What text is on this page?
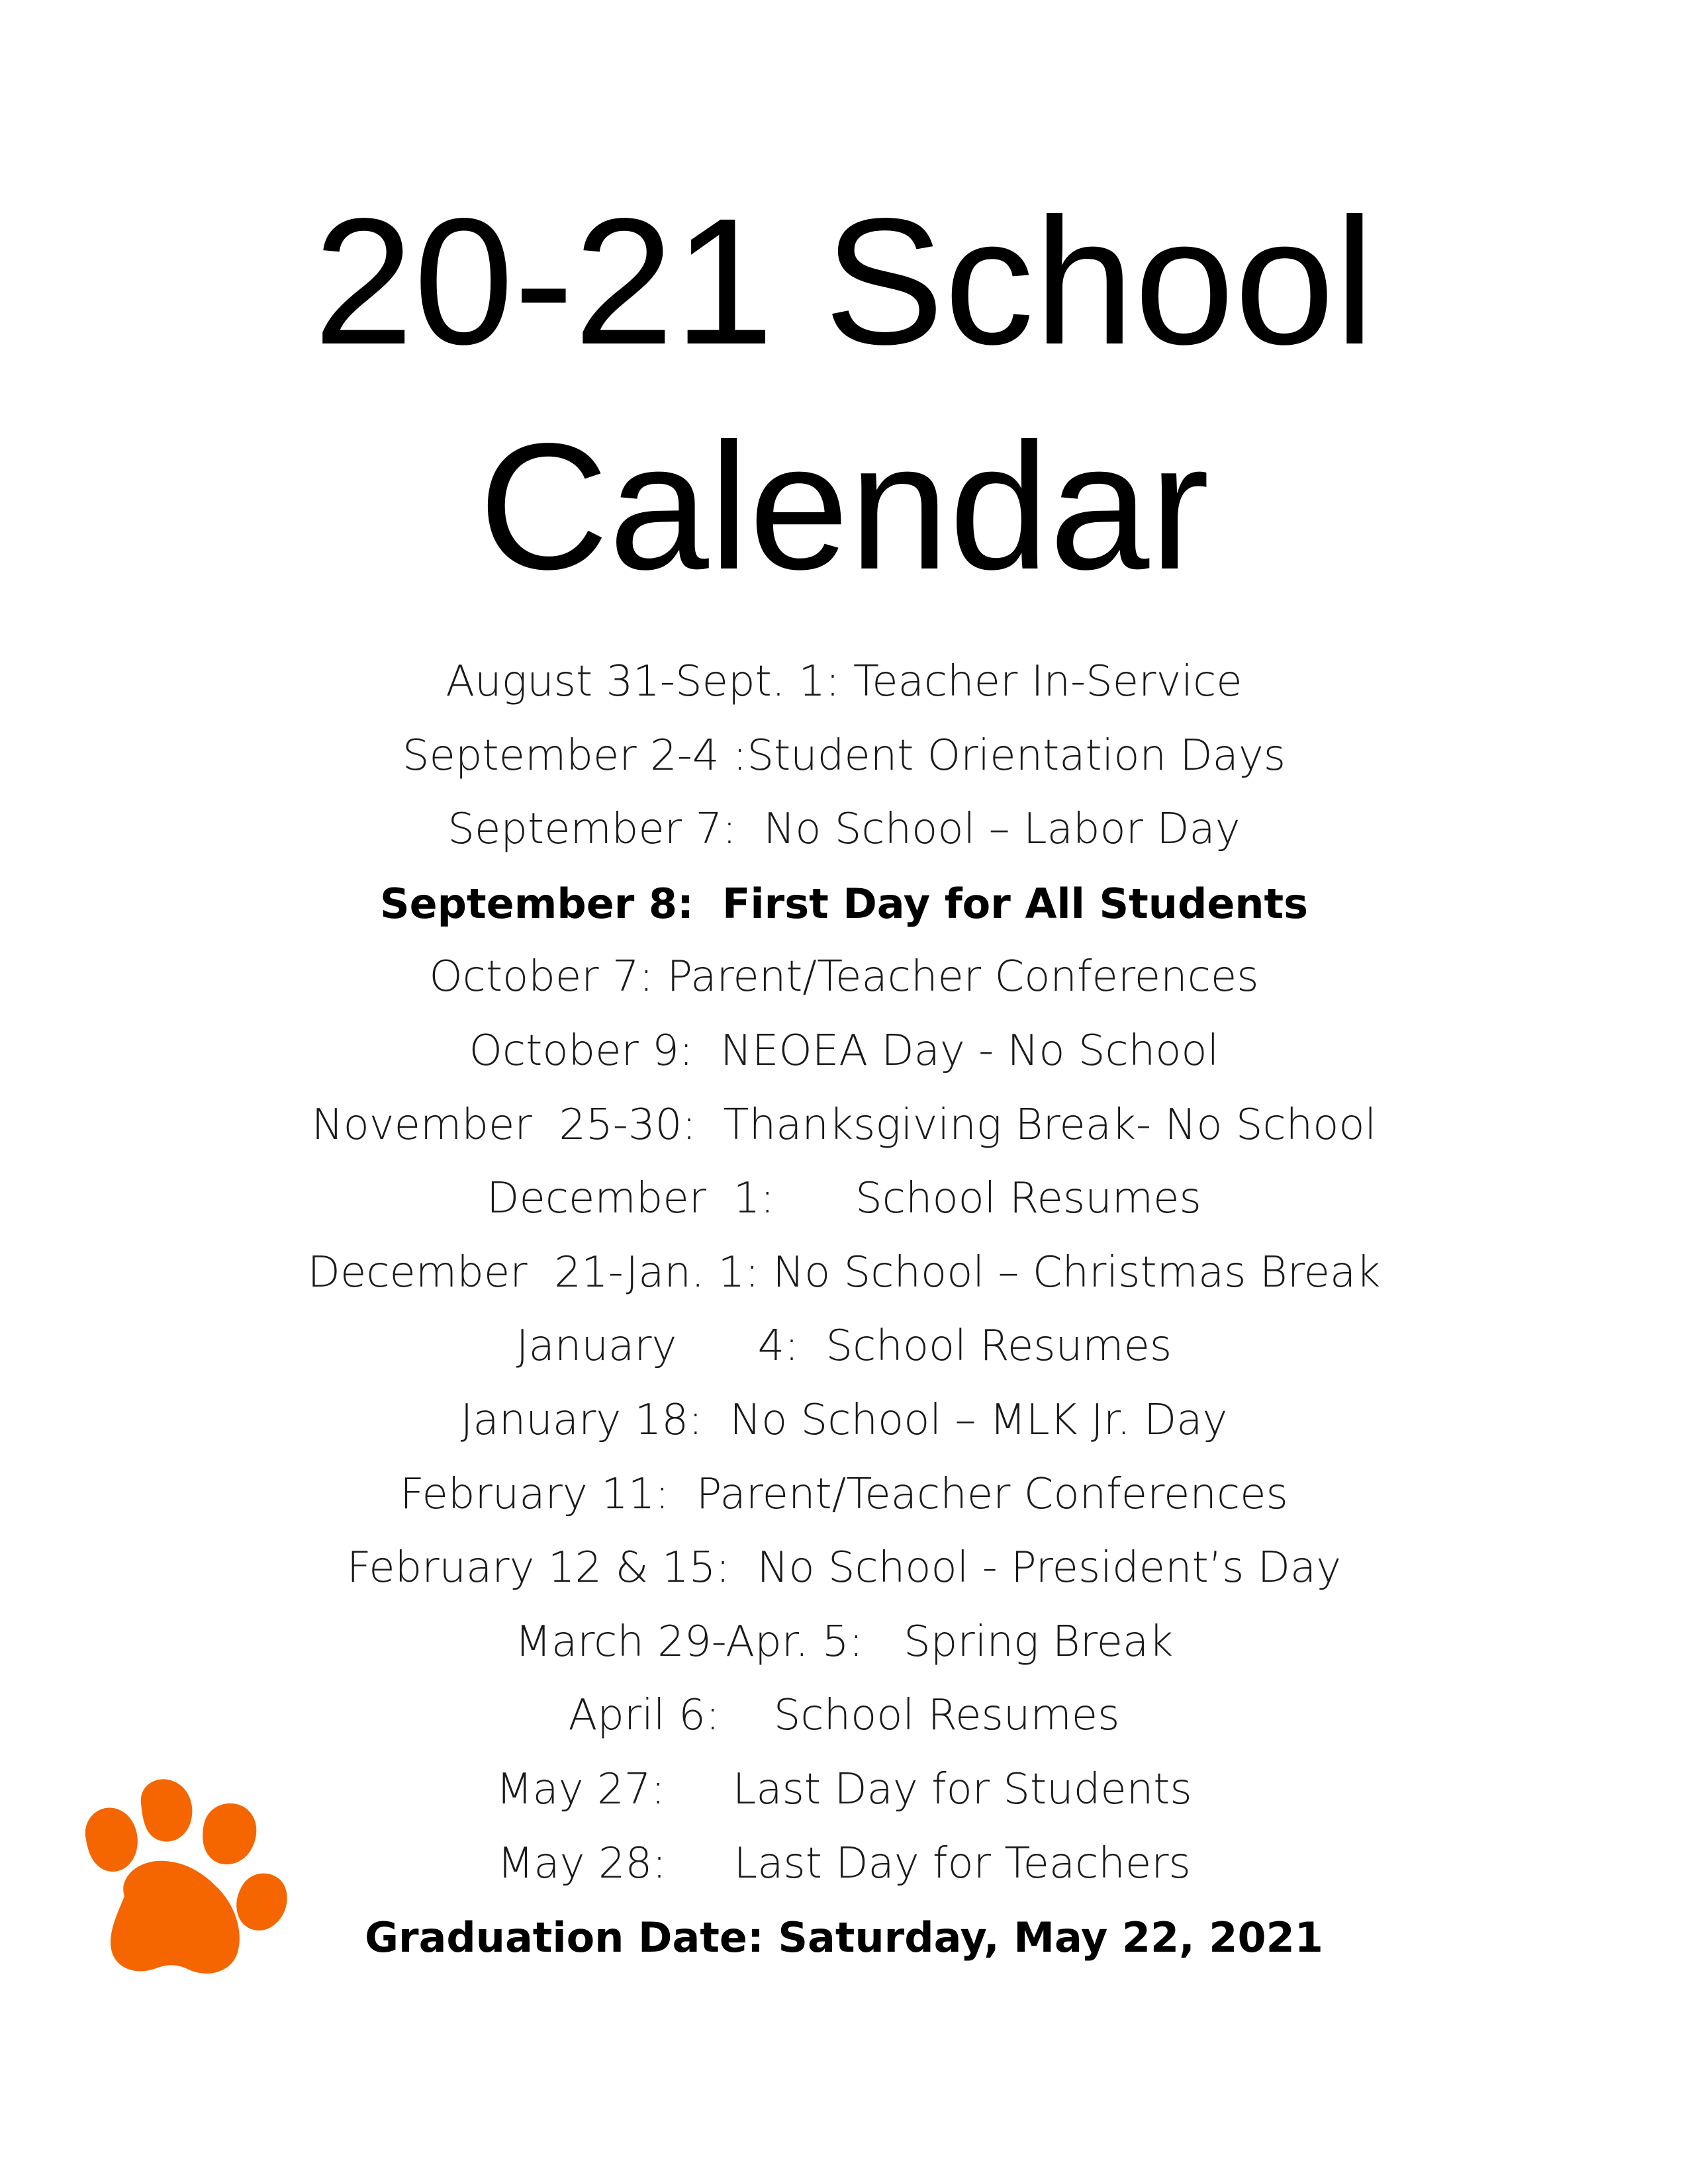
20-21 School
Calendar
August 31-Sept. 1: Teacher In-Service
September 2-4 :Student Orientation Days
September 7:  No School – Labor Day
September 8:  First Day for All Students
October 7: Parent/Teacher Conferences
October 9:  NEOEA Day - No School
November  25-30:  Thanksgiving Break- No School
December  1:      School Resumes
December  21-Jan. 1: No School – Christmas Break
January      4:  School Resumes
January 18:  No School – MLK Jr. Day
February 11:  Parent/Teacher Conferences
February 12 & 15:  No School - President’s Day
March 29-Apr. 5:   Spring Break
April 6:    School Resumes
May 27:     Last Day for Students
May 28:     Last Day for Teachers
Graduation Date: Saturday, May 22, 2021
